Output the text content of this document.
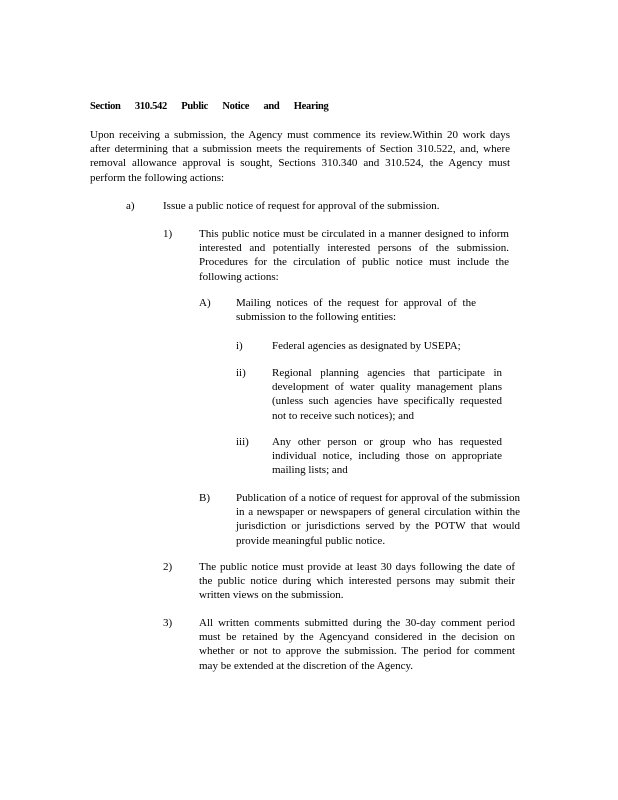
Section 310.542 Public Notice and Hearing
Upon receiving a submission, the Agency must commence its review.Within 20 work days after determining that a submission meets the requirements of Section 310.522, and, where removal allowance approval is sought, Sections 310.340 and 310.524, the Agency must perform the following actions:
a)	Issue a public notice of request for approval of the submission.
1) This public notice must be circulated in a manner designed to inform interested and potentially interested persons of the submission. Procedures for the circulation of public notice must include the following actions:
A) Mailing notices of the request for approval of the submission to the following entities:
i)	Federal agencies as designated by USEPA;
ii) Regional planning agencies that participate in development of water quality management plans (unless such agencies have specifically requested not to receive such notices); and
iii) Any other person or group who has requested individual notice, including those on appropriate mailing lists; and
B) Publication of a notice of request for approval of the submission in a newspaper or newspapers of general circulation within the jurisdiction or jurisdictions served by the POTW that would provide meaningful public notice.
2) The public notice must provide at least 30 days following the date of the public notice during which interested persons may submit their written views on the submission.
3) All written comments submitted during the 30-day comment period must be retained by the Agencyand considered in the decision on whether or not to approve the submission. The period for comment may be extended at the discretion of the Agency.
